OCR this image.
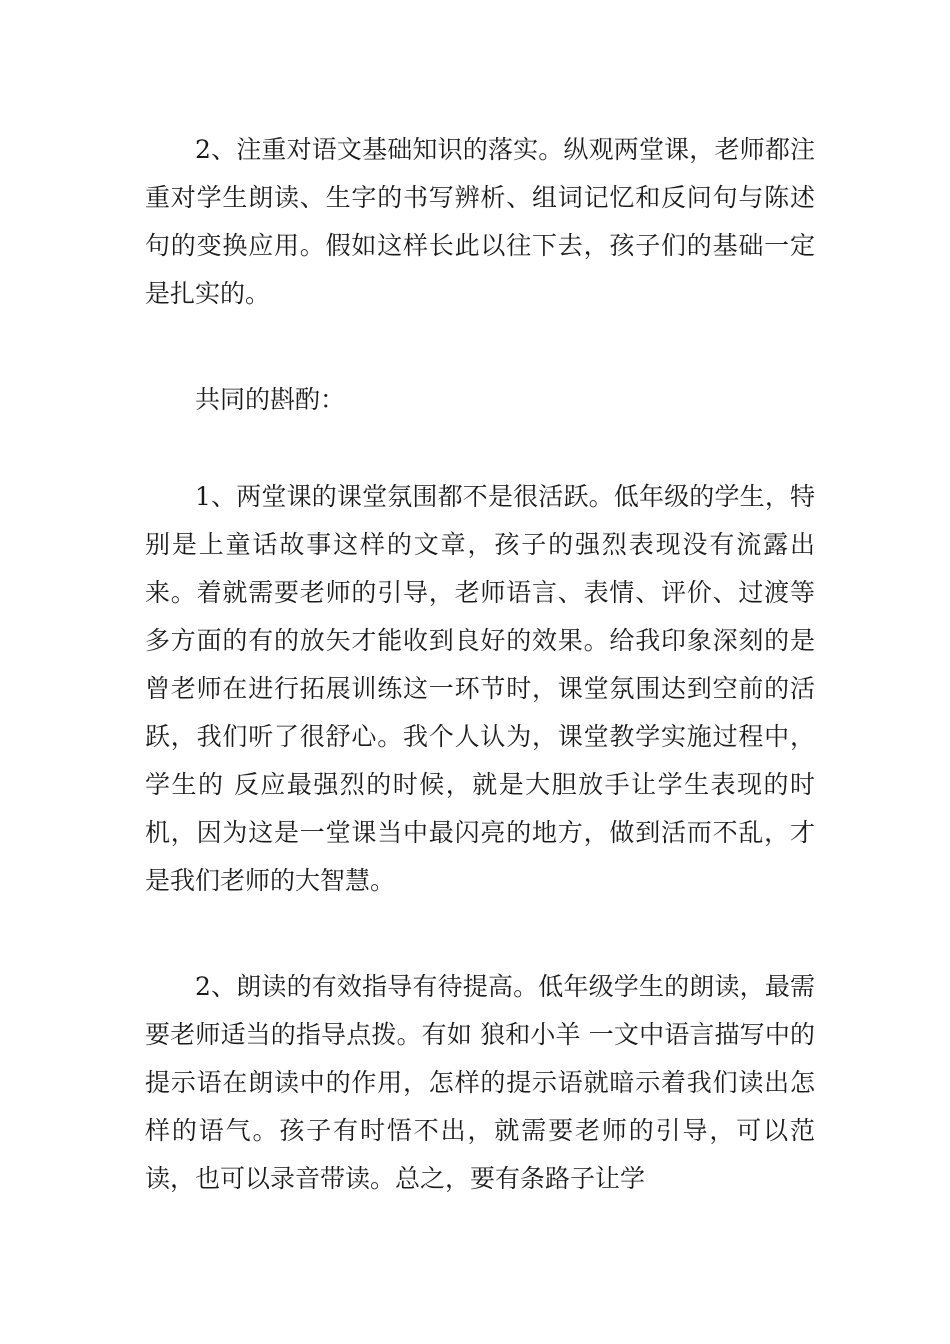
2、注重对语文基础知识的落实。纵观两堂课，老师都注重对学生朗读、生字的书写辨析、组词记忆和反问句与陈述句的变换应用。假如这样长此以往下去，孩子们的基础一定是扎实的。

共同的斟酌：

1、两堂课的课堂氛围都不是很活跃。低年级的学生，特别是上童话故事这样的文章，孩子的强烈表现没有流露出来。着就需要老师的引导，老师语言、表情、评价、过渡等多方面的有的放矢才能收到良好的效果。给我印象深刻的是曾老师在进行拓展训练这一环节时，课堂氛围达到空前的活跃，我们听了很舒心。我个人认为，课堂教学实施过程中，学生的 反应最强烈的时候，就是大胆放手让学生表现的时机，因为这是一堂课当中最闪亮的地方，做到活而不乱，才是我们老师的大智慧。

2、朗读的有效指导有待提高。低年级学生的朗读，最需要老师适当的指导点拨。有如 狼和小羊 一文中语言描写中的提示语在朗读中的作用，怎样的提示语就暗示着我们读出怎样的语气。孩子有时悟不出，就需要老师的引导，可以范读，也可以录音带读。总之，要有条路子让学
